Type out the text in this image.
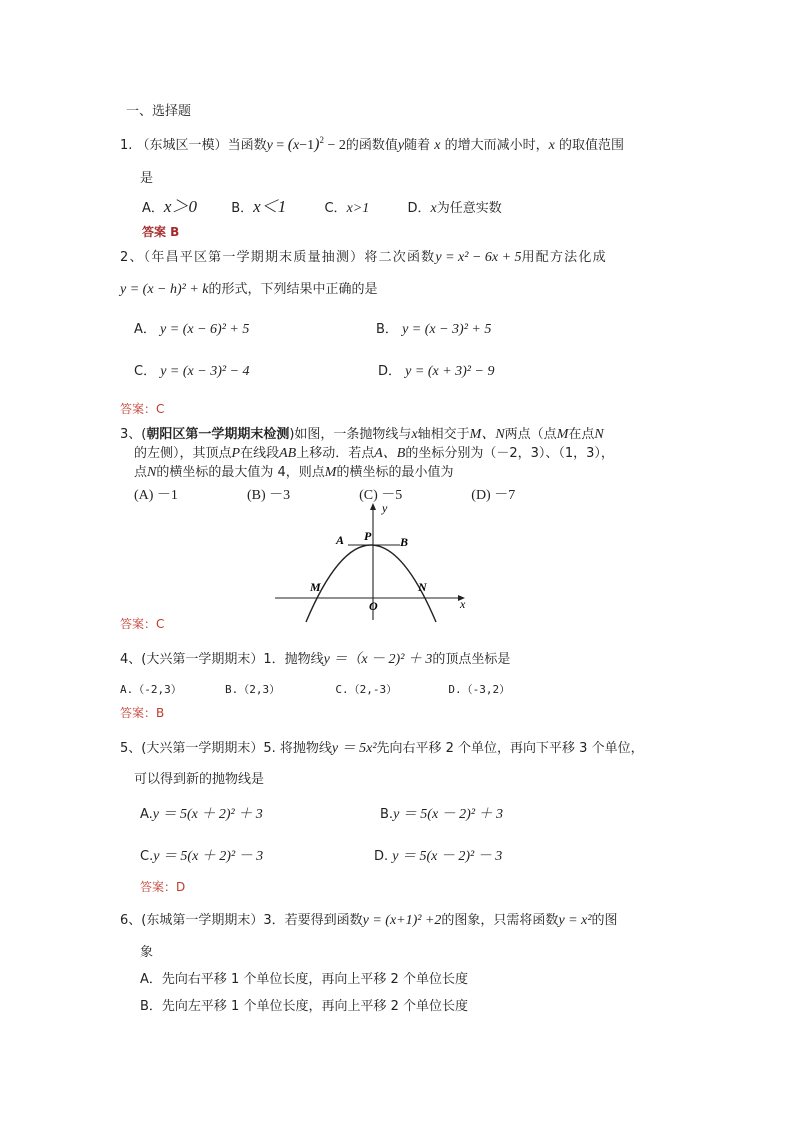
一、选择题
1. （东城区一模）当函数$y = (x-1)^2 - 2$的函数值y随着 x 的增大而减小时，x 的取值范围
是
A．x＞0	B．x＜1	C．x>1	D．x为任意实数
答案 B
2、（年昌平区第一学期期末质量抽测）将二次函数y = x² − 6x + 5用配方法化成
y = (x − h)² + k的形式，下列结果中正确的是
A． y = (x − 6)² + 5	B． y = (x − 3)² + 5
C． y = (x − 3)² − 4	D． y = (x + 3)² − 9
答案：C
3、(朝阳区第一学期期末检测)如图，一条抛物线与x轴相交于M、N两点（点M在点N
的左侧），其顶点P在线段AB上移动．若点A、B的坐标分别为（－2，3）、（1，3），
点N的横坐标的最大值为 4，则点M的横坐标的最小值为
(A) －1	(B) －3	(C) －5	(D) －7
y
x
A P B
M	N
O
答案：C
4、(大兴第一学期期末）1．抛物线y ＝（x － 2)² ＋ 3的顶点坐标是
A.（-2,3）	B.（2,3）	C.（2,-3）	D.（-3,2）
答案：B
5、(大兴第一学期期末）5. 将抛物线y ＝ 5x²先向右平移 2 个单位，再向下平移 3 个单位，
可以得到新的抛物线是
A.y ＝ 5(x ＋ 2)² ＋ 3	B.y ＝ 5(x － 2)² ＋ 3
C.y ＝ 5(x ＋ 2)² － 3	D. y ＝ 5(x － 2)² － 3
答案：D
6、(东城第一学期期末）3．若要得到函数y = (x+1)² +2的图象，只需将函数y = x²的图
象
A．先向右平移 1 个单位长度，再向上平移 2 个单位长度
B．先向左平移 1 个单位长度，再向上平移 2 个单位长度
